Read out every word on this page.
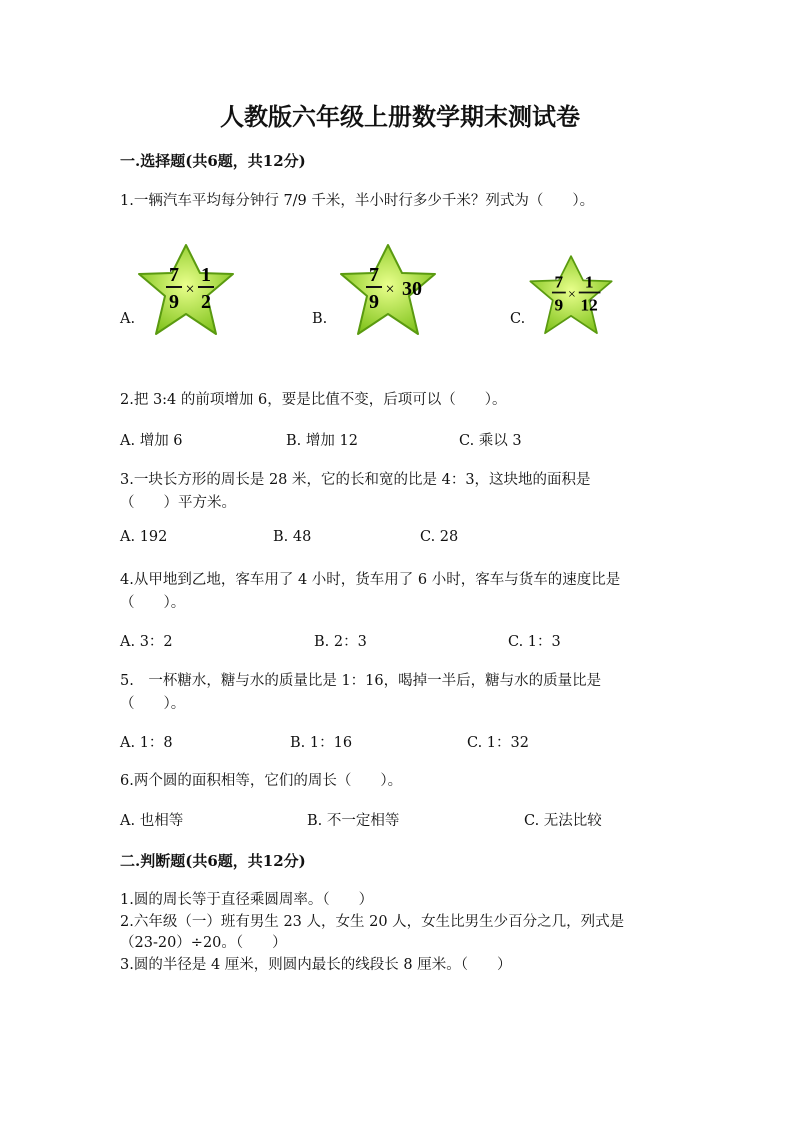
人教版六年级上册数学期末测试卷
一.选择题(共6题，共12分)
1.一辆汽车平均每分钟行 7/9 千米，半小时行多少千米？列式为（　　）。
A.
7
9
×
1
2
B.
7
9
× 30
C.
7
9
×
1
12
2.把 3:4 的前项增加 6，要是比值不变，后项可以（　　）。
A. 增加 6	B. 增加 12	C. 乘以 3
3.一块长方形的周长是 28 米，它的长和宽的比是 4：3，这块地的面积是
（　　）平方米。
A. 192	B. 48	C. 28
4.从甲地到乙地，客车用了 4 小时，货车用了 6 小时，客车与货车的速度比是
（　　）。
A. 3：2	B. 2：3	C. 1：3
5.　一杯糖水，糖与水的质量比是 1：16，喝掉一半后，糖与水的质量比是
（　　）。
A. 1：8	B. 1：16	C. 1：32
6.两个圆的面积相等，它们的周长（　　）。
A. 也相等	B. 不一定相等	C. 无法比较
二.判断题(共6题，共12分)
1.圆的周长等于直径乘圆周率。（　　）
2.六年级（一）班有男生 23 人，女生 20 人，女生比男生少百分之几，列式是
（23-20）÷20。（　　）
3.圆的半径是 4 厘米，则圆内最长的线段长 8 厘米。（　　）
